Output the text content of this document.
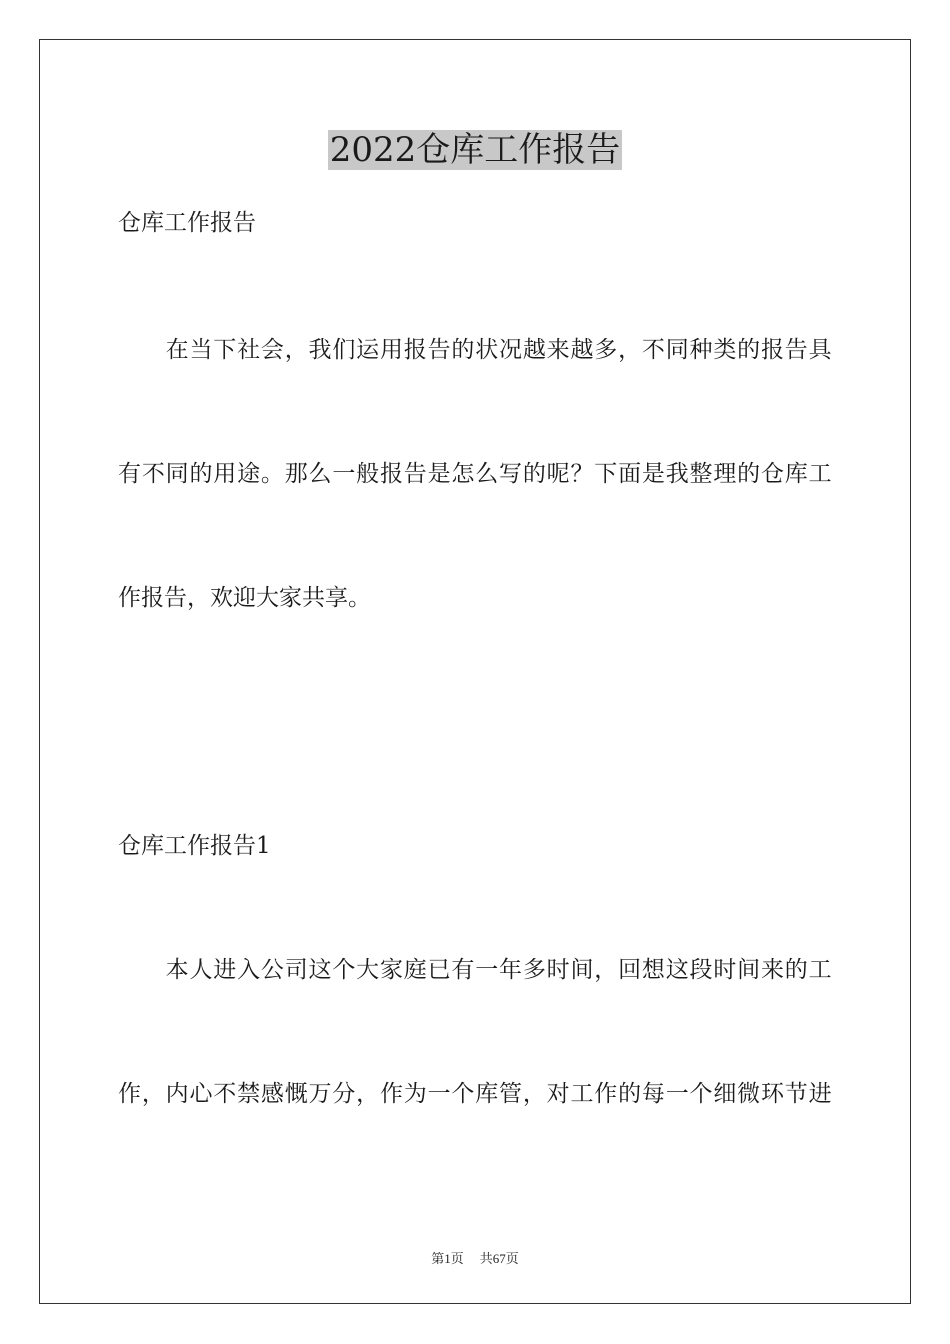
2022仓库工作报告

仓库工作报告

在 当 下 社 会 ， 我 们 运 用 报 告 的 状 况 越 来 越 多 ， 不 同 种 类 的 报 告 具

有 不 同 的 用 途 。 那 么 一 般 报 告 是 怎 么 写 的 呢 ？ 下 面 是 我 整 理 的 仓 库 工

作报告，欢迎大家共享。

仓库工作报告1

本 人 进 入 公 司 这 个 大 家 庭 已 有 一 年 多 时 间 ， 回 想 这 段 时 间 来 的 工

作 ， 内 心 不 禁 感 慨 万 分 ， 作 为 一 个 库 管 ， 对 工 作 的 每 一 个 细 微 环 节 进

第1页 共67页
